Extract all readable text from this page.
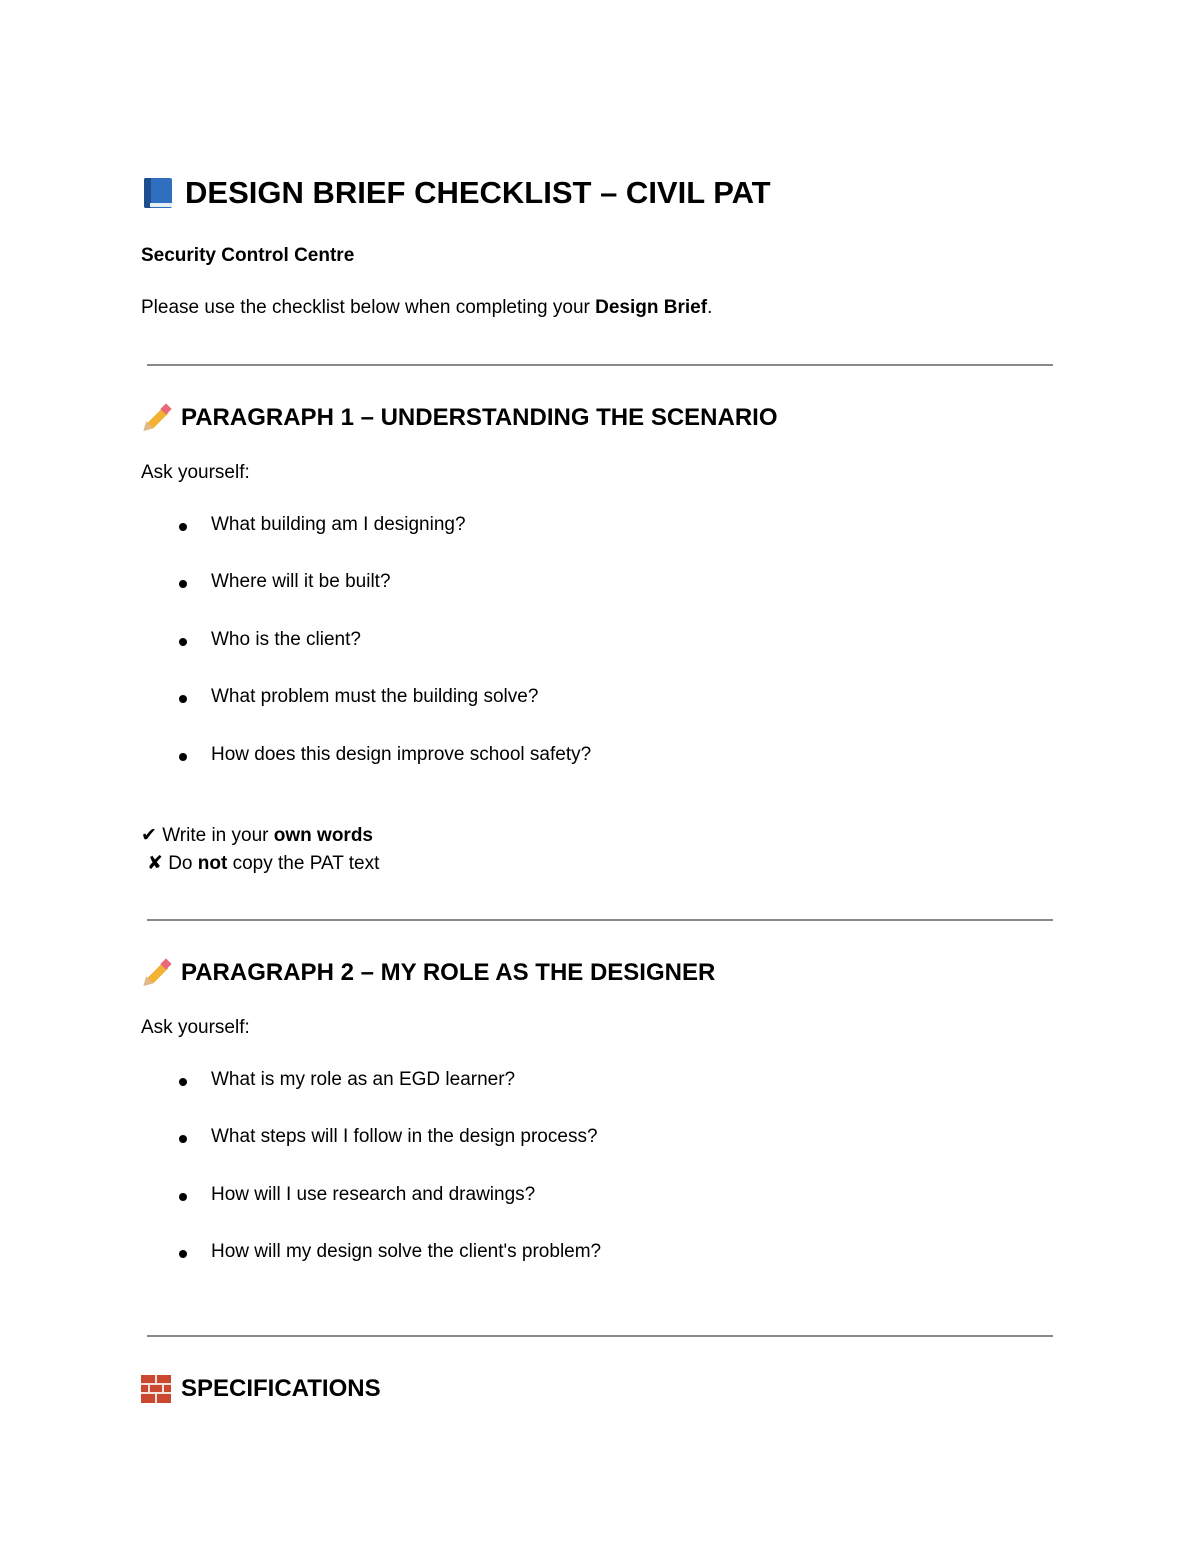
DESIGN BRIEF CHECKLIST – CIVIL PAT
Security Control Centre
Please use the checklist below when completing your Design Brief.
PARAGRAPH 1 – UNDERSTANDING THE SCENARIO
Ask yourself:
What building am I designing?
Where will it be built?
Who is the client?
What problem must the building solve?
How does this design improve school safety?
✔ Write in your own words
✘ Do not copy the PAT text
PARAGRAPH 2 – MY ROLE AS THE DESIGNER
Ask yourself:
What is my role as an EGD learner?
What steps will I follow in the design process?
How will I use research and drawings?
How will my design solve the client's problem?
SPECIFICATIONS
